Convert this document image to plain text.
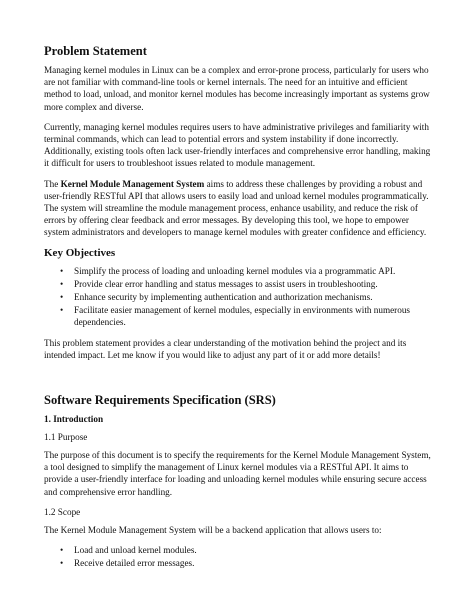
Problem Statement

Managing kernel modules in Linux can be a complex and error-prone process, particularly for users who are not familiar with command-line tools or kernel internals. The need for an intuitive and efficient method to load, unload, and monitor kernel modules has become increasingly important as systems grow more complex and diverse.

Currently, managing kernel modules requires users to have administrative privileges and familiarity with terminal commands, which can lead to potential errors and system instability if done incorrectly. Additionally, existing tools often lack user-friendly interfaces and comprehensive error handling, making it difficult for users to troubleshoot issues related to module management.

The Kernel Module Management System aims to address these challenges by providing a robust and user-friendly RESTful API that allows users to easily load and unload kernel modules programmatically. The system will streamline the module management process, enhance usability, and reduce the risk of errors by offering clear feedback and error messages. By developing this tool, we hope to empower system administrators and developers to manage kernel modules with greater confidence and efficiency.

Key Objectives
• Simplify the process of loading and unloading kernel modules via a programmatic API.
• Provide clear error handling and status messages to assist users in troubleshooting.
• Enhance security by implementing authentication and authorization mechanisms.
• Facilitate easier management of kernel modules, especially in environments with numerous dependencies.

This problem statement provides a clear understanding of the motivation behind the project and its intended impact. Let me know if you would like to adjust any part of it or add more details!

Software Requirements Specification (SRS)
1. Introduction
1.1 Purpose

The purpose of this document is to specify the requirements for the Kernel Module Management System, a tool designed to simplify the management of Linux kernel modules via a RESTful API. It aims to provide a user-friendly interface for loading and unloading kernel modules while ensuring secure access and comprehensive error handling.

1.2 Scope

The Kernel Module Management System will be a backend application that allows users to:

• Load and unload kernel modules.
• Receive detailed error messages.
